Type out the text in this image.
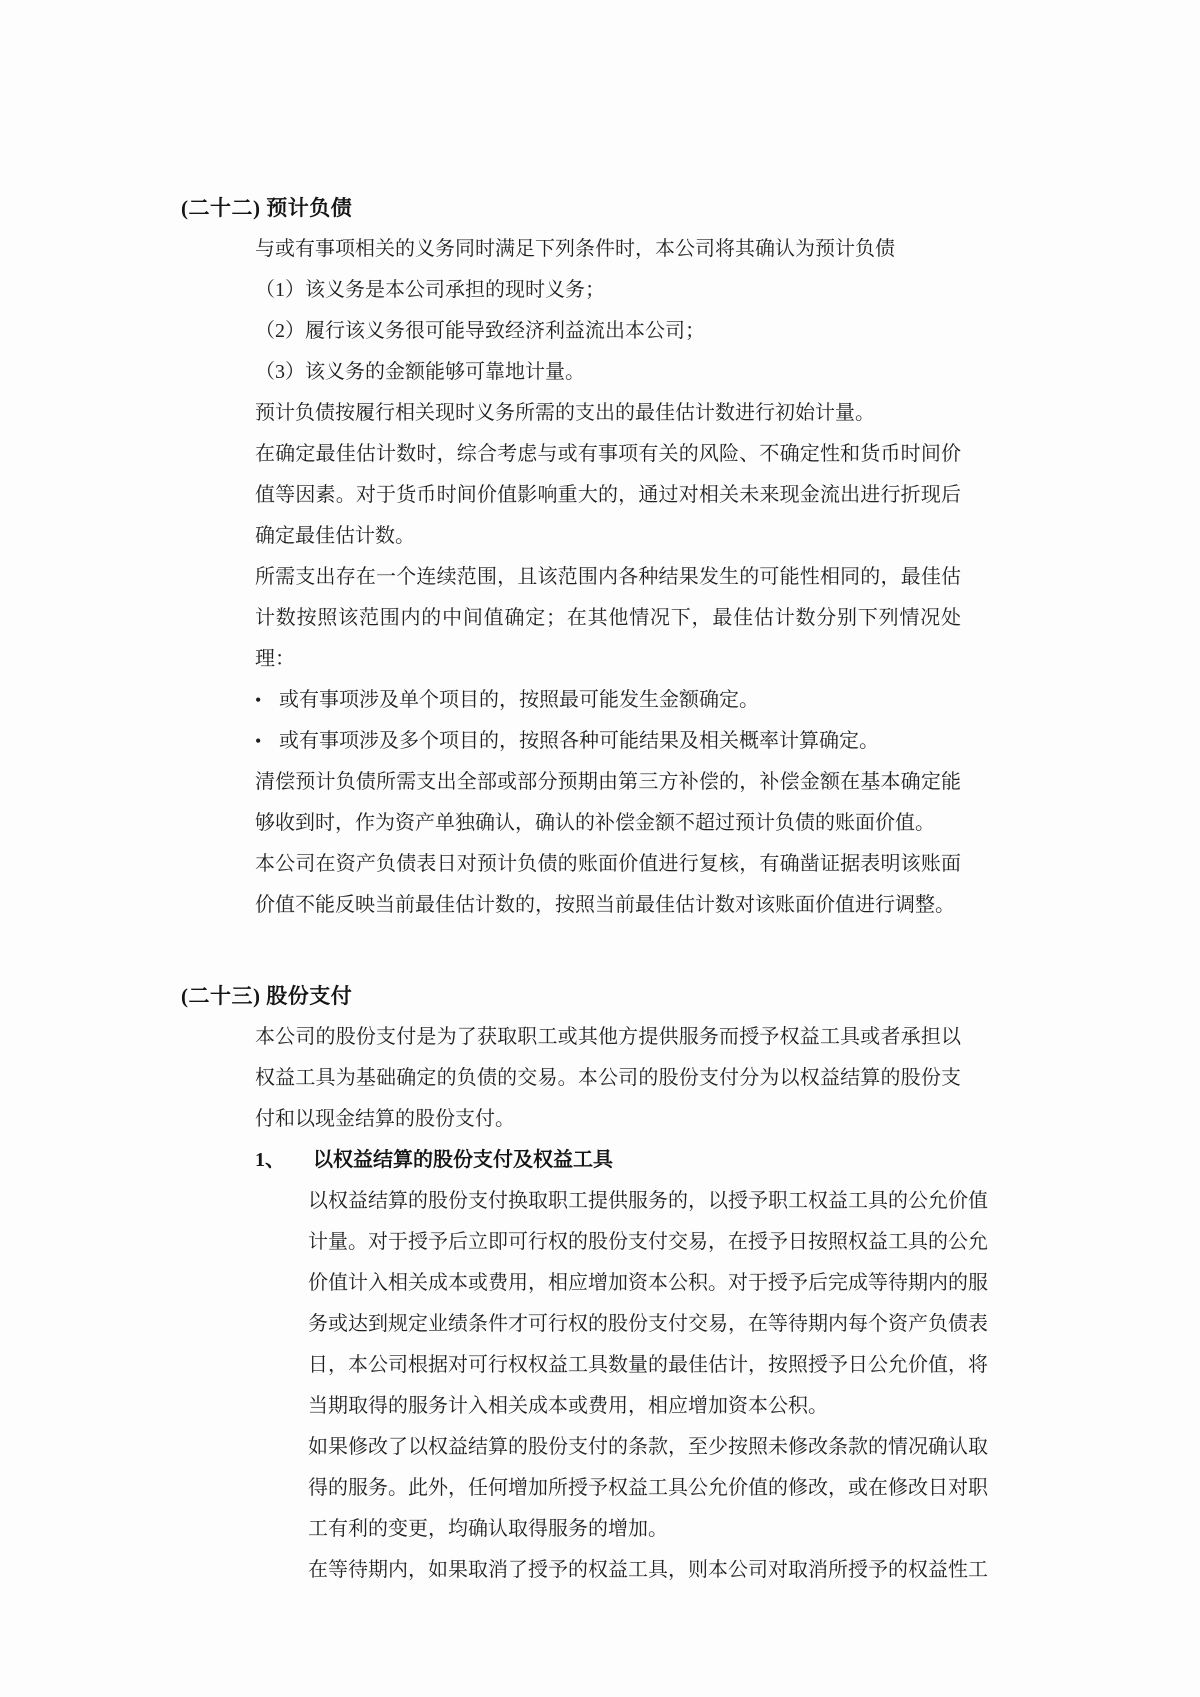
(二十二) 预计负债

与或有事项相关的义务同时满足下列条件时，本公司将其确认为预计负债

（1）该义务是本公司承担的现时义务；

（2）履行该义务很可能导致经济利益流出本公司；

（3）该义务的金额能够可靠地计量。

预计负债按履行相关现时义务所需的支出的最佳估计数进行初始计量。

在确定最佳估计数时，综合考虑与或有事项有关的风险、不确定性和货币时间价值等因素。对于货币时间价值影响重大的，通过对相关未来现金流出进行折现后确定最佳估计数。

所需支出存在一个连续范围，且该范围内各种结果发生的可能性相同的，最佳估计数按照该范围内的中间值确定；在其他情况下，最佳估计数分别下列情况处理：

• 或有事项涉及单个项目的，按照最可能发生金额确定。

• 或有事项涉及多个项目的，按照各种可能结果及相关概率计算确定。

清偿预计负债所需支出全部或部分预期由第三方补偿的，补偿金额在基本确定能够收到时，作为资产单独确认，确认的补偿金额不超过预计负债的账面价值。

本公司在资产负债表日对预计负债的账面价值进行复核，有确凿证据表明该账面价值不能反映当前最佳估计数的，按照当前最佳估计数对该账面价值进行调整。

(二十三) 股份支付

本公司的股份支付是为了获取职工或其他方提供服务而授予权益工具或者承担以权益工具为基础确定的负债的交易。本公司的股份支付分为以权益结算的股份支付和以现金结算的股份支付。

1、 以权益结算的股份支付及权益工具

以权益结算的股份支付换取职工提供服务的，以授予职工权益工具的公允价值计量。对于授予后立即可行权的股份支付交易，在授予日按照权益工具的公允价值计入相关成本或费用，相应增加资本公积。对于授予后完成等待期内的服务或达到规定业绩条件才可行权的股份支付交易，在等待期内每个资产负债表日，本公司根据对可行权权益工具数量的最佳估计，按照授予日公允价值，将当期取得的服务计入相关成本或费用，相应增加资本公积。

如果修改了以权益结算的股份支付的条款，至少按照未修改条款的情况确认取得的服务。此外，任何增加所授予权益工具公允价值的修改，或在修改日对职工有利的变更，均确认取得服务的增加。

在等待期内，如果取消了授予的权益工具，则本公司对取消所授予的权益性工
